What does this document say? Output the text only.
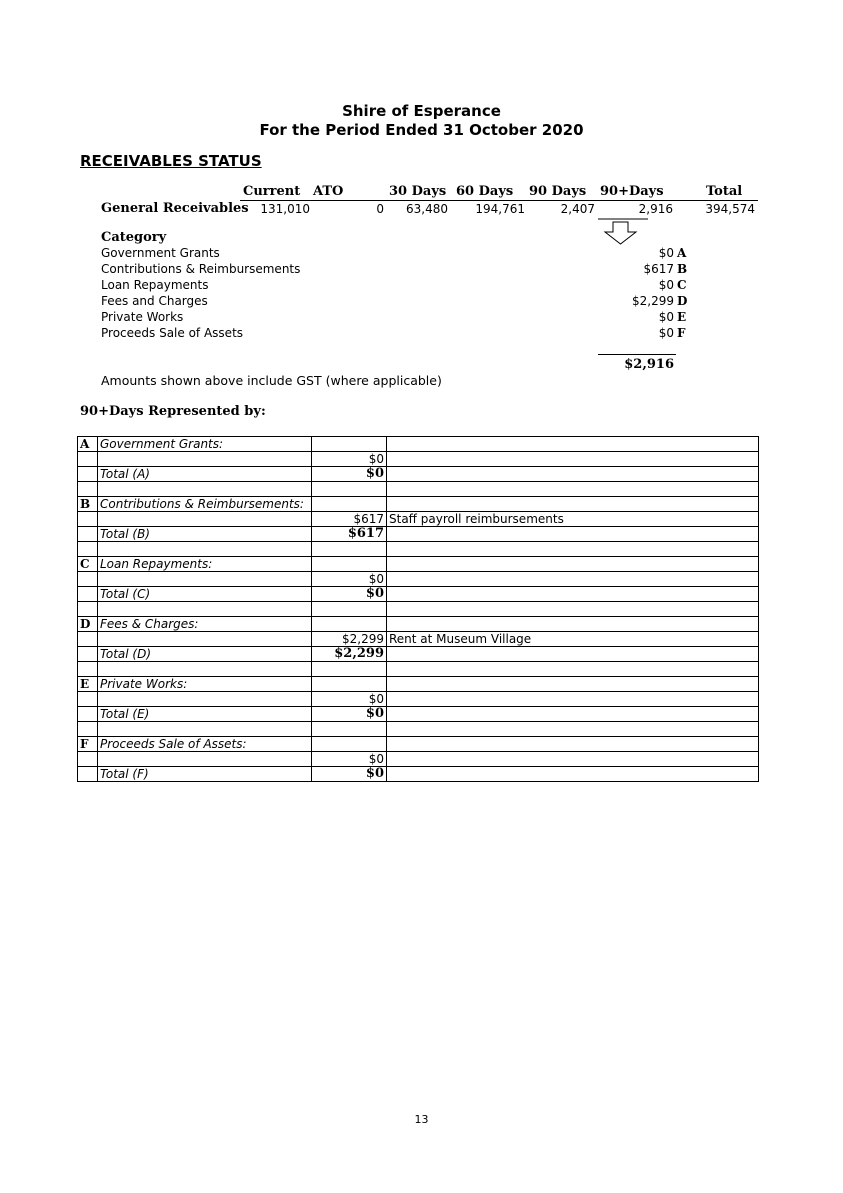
Shire of Esperance
For the Period Ended 31 October 2020
RECEIVABLES STATUS
Current ATO	30 Days 60 Days 90 Days 90+Days	Total
General Receivables 131,010	0	63,480	194,761	2,407	2,916	394,574
Category
Government Grants	$0 A
Contributions & Reimbursements	$617 B
Loan Repayments	$0 C
Fees and Charges	$2,299 D
Private Works	$0 E
Proceeds Sale of Assets	$0 F
$2,916
Amounts shown above include GST (where applicable)
90+Days Represented by:
A	Government Grants:		
		$0	
	Total (A)	$0	

B	Contributions & Reimbursements:		
		$617	Staff payroll reimbursements
	Total (B)	$617	

C	Loan Repayments:		
		$0	
	Total (C)	$0	

D	Fees & Charges:		
		$2,299	Rent at Museum Village
	Total (D)	$2,299	

E	Private Works:		
		$0	
	Total (E)	$0	

F	Proceeds Sale of Assets:		
		$0	
	Total (F)	$0	
13
